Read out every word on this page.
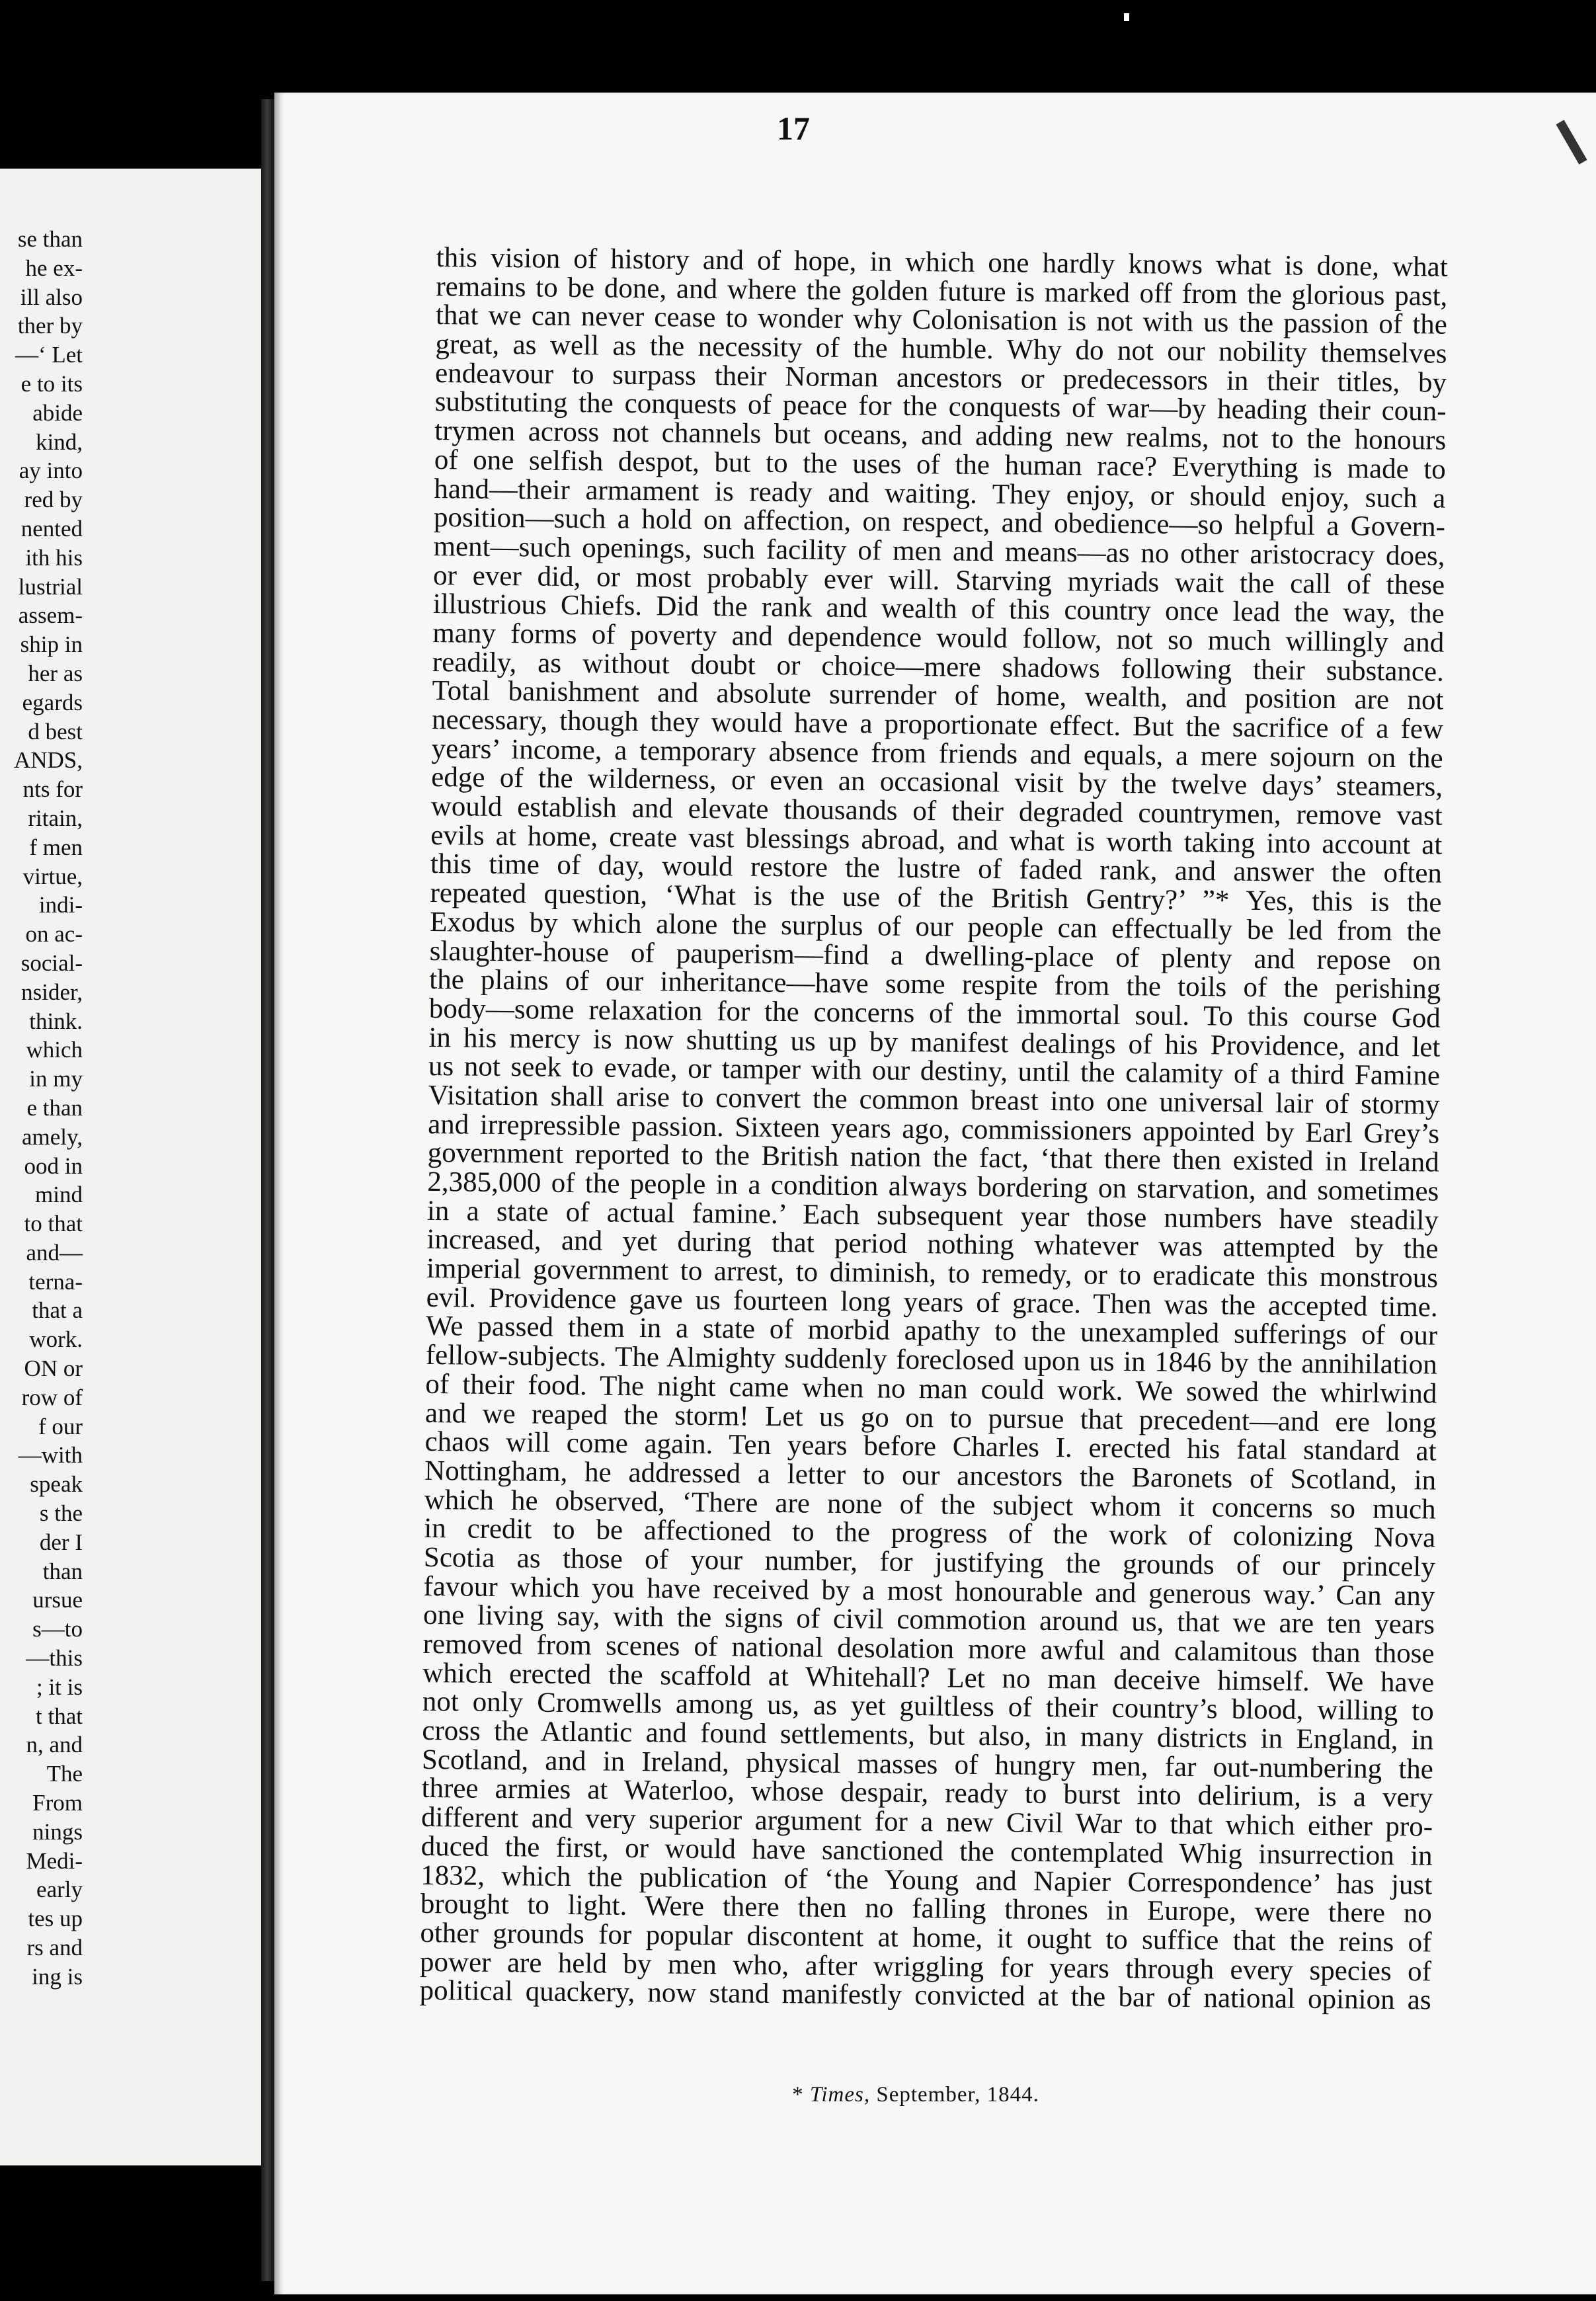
se than
he ex-
ill also
ther by
—‘ Let
e to its
abide
kind,
ay into
red by
nented
ith his
lustrial
assem-
ship in
her as
egards
d best
ANDS,
nts for
ritain,
f men
virtue,
indi-
on ac-
social-
nsider,
think.
which
in my
e than
amely,
ood in
mind
to that
and—
terna-
that a
work.
ON or
row of
f our
—with
speak
s the
der I
than
ursue
s—to
—this
; it is
t that
n, and
The
From
nings
Medi-
early
tes up
rs and
ing is
17
this vision of history and of hope, in which one hardly knows what is done, what
remains to be done, and where the golden future is marked off from the glorious past,
that we can never cease to wonder why Colonisation is not with us the passion of the
great, as well as the necessity of the humble. Why do not our nobility themselves
endeavour to surpass their Norman ancestors or predecessors in their titles, by
substituting the conquests of peace for the conquests of war—by heading their coun-
trymen across not channels but oceans, and adding new realms, not to the honours
of one selfish despot, but to the uses of the human race? Everything is made to
hand—their armament is ready and waiting. They enjoy, or should enjoy, such a
position—such a hold on affection, on respect, and obedience—so helpful a Govern-
ment—such openings, such facility of men and means—as no other aristocracy does,
or ever did, or most probably ever will. Starving myriads wait the call of these
illustrious Chiefs. Did the rank and wealth of this country once lead the way, the
many forms of poverty and dependence would follow, not so much willingly and
readily, as without doubt or choice—mere shadows following their substance.
Total banishment and absolute surrender of home, wealth, and position are not
necessary, though they would have a proportionate effect. But the sacrifice of a few
years’ income, a temporary absence from friends and equals, a mere sojourn on the
edge of the wilderness, or even an occasional visit by the twelve days’ steamers,
would establish and elevate thousands of their degraded countrymen, remove vast
evils at home, create vast blessings abroad, and what is worth taking into account at
this time of day, would restore the lustre of faded rank, and answer the often
repeated question, ‘What is the use of the British Gentry?’ ”* Yes, this is the
Exodus by which alone the surplus of our people can effectually be led from the
slaughter-house of pauperism—find a dwelling-place of plenty and repose on
the plains of our inheritance—have some respite from the toils of the perishing
body—some relaxation for the concerns of the immortal soul. To this course God
in his mercy is now shutting us up by manifest dealings of his Providence, and let
us not seek to evade, or tamper with our destiny, until the calamity of a third Famine
Visitation shall arise to convert the common breast into one universal lair of stormy
and irrepressible passion. Sixteen years ago, commissioners appointed by Earl Grey’s
government reported to the British nation the fact, ‘that there then existed in Ireland
2,385,000 of the people in a condition always bordering on starvation, and sometimes
in a state of actual famine.’ Each subsequent year those numbers have steadily
increased, and yet during that period nothing whatever was attempted by the
imperial government to arrest, to diminish, to remedy, or to eradicate this monstrous
evil. Providence gave us fourteen long years of grace. Then was the accepted time.
We passed them in a state of morbid apathy to the unexampled sufferings of our
fellow-subjects. The Almighty suddenly foreclosed upon us in 1846 by the annihilation
of their food. The night came when no man could work. We sowed the whirlwind
and we reaped the storm! Let us go on to pursue that precedent—and ere long
chaos will come again. Ten years before Charles I. erected his fatal standard at
Nottingham, he addressed a letter to our ancestors the Baronets of Scotland, in
which he observed, ‘There are none of the subject whom it concerns so much
in credit to be affectioned to the progress of the work of colonizing Nova
Scotia as those of your number, for justifying the grounds of our princely
favour which you have received by a most honourable and generous way.’ Can any
one living say, with the signs of civil commotion around us, that we are ten years
removed from scenes of national desolation more awful and calamitous than those
which erected the scaffold at Whitehall? Let no man deceive himself. We have
not only Cromwells among us, as yet guiltless of their country’s blood, willing to
cross the Atlantic and found settlements, but also, in many districts in England, in
Scotland, and in Ireland, physical masses of hungry men, far out-numbering the
three armies at Waterloo, whose despair, ready to burst into delirium, is a very
different and very superior argument for a new Civil War to that which either pro-
duced the first, or would have sanctioned the contemplated Whig insurrection in
1832, which the publication of ‘the Young and Napier Correspondence’ has just
brought to light. Were there then no falling thrones in Europe, were there no
other grounds for popular discontent at home, it ought to suffice that the reins of
power are held by men who, after wriggling for years through every species of
political quackery, now stand manifestly convicted at the bar of national opinion as
* Times, September, 1844.
